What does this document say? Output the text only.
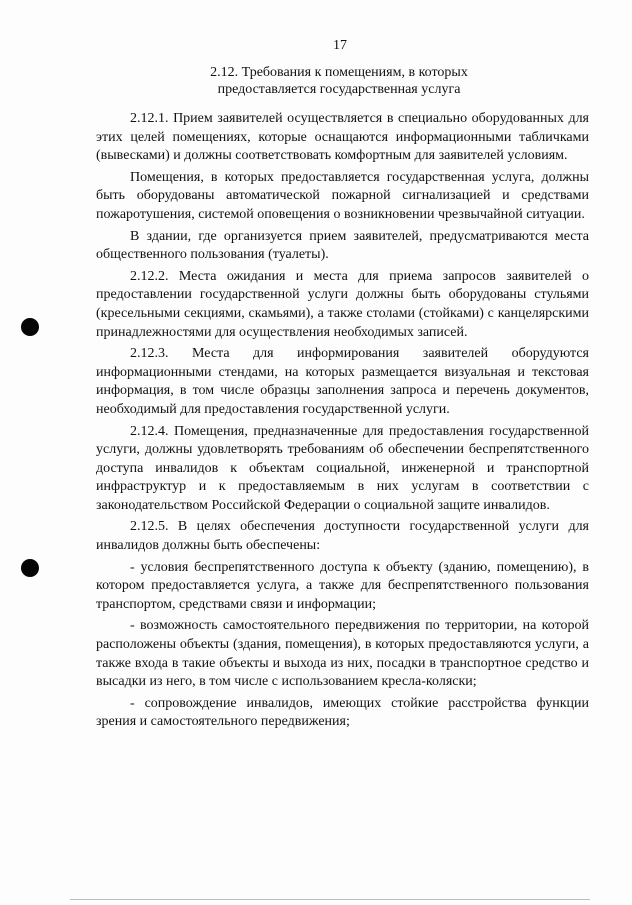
17
2.12. Требования к помещениям, в которых
предоставляется государственная услуга

2.12.1. Прием заявителей осуществляется в специально оборудованных для этих целей помещениях, которые оснащаются информационными табличками (вывесками) и должны соответствовать комфортным для заявителей условиям.

Помещения, в которых предоставляется государственная услуга, должны быть оборудованы автоматической пожарной сигнализацией и средствами пожаротушения, системой оповещения о возникновении чрезвычайной ситуации.

В здании, где организуется прием заявителей, предусматриваются места общественного пользования (туалеты).

2.12.2. Места ожидания и места для приема запросов заявителей о предоставлении государственной услуги должны быть оборудованы стульями (кресельными секциями, скамьями), а также столами (стойками) с канцелярскими принадлежностями для осуществления необходимых записей.

2.12.3. Места для информирования заявителей оборудуются информационными стендами, на которых размещается визуальная и текстовая информация, в том числе образцы заполнения запроса и перечень документов, необходимый для предоставления государственной услуги.

2.12.4. Помещения, предназначенные для предоставления государственной услуги, должны удовлетворять требованиям об обеспечении беспрепятственного доступа инвалидов к объектам социальной, инженерной и транспортной инфраструктур и к предоставляемым в них услугам в соответствии с законодательством Российской Федерации о социальной защите инвалидов.

2.12.5. В целях обеспечения доступности государственной услуги для инвалидов должны быть обеспечены:

- условия беспрепятственного доступа к объекту (зданию, помещению), в котором предоставляется услуга, а также для беспрепятственного пользования транспортом, средствами связи и информации;

- возможность самостоятельного передвижения по территории, на которой расположены объекты (здания, помещения), в которых предоставляются услуги, а также входа в такие объекты и выхода из них, посадки в транспортное средство и высадки из него, в том числе с использованием кресла-коляски;

- сопровождение инвалидов, имеющих стойкие расстройства функции зрения и самостоятельного передвижения;
